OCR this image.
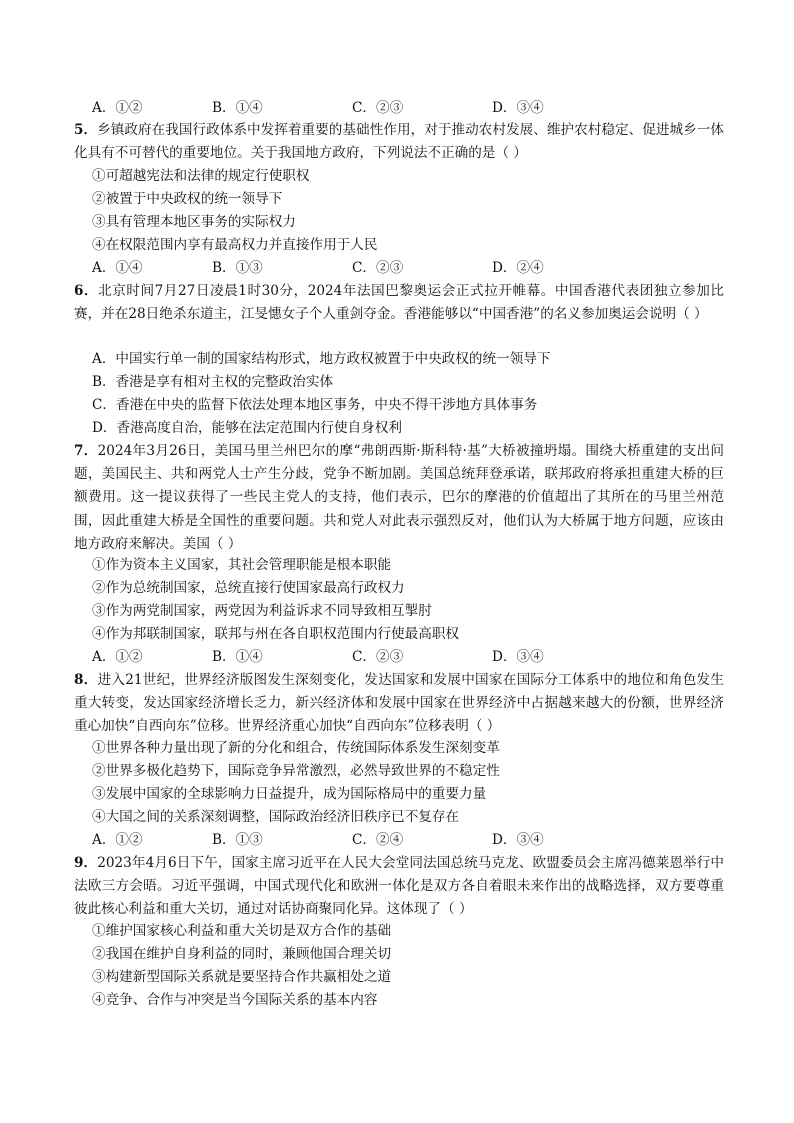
A．①②	B．①④	C．②③	D．③④
5．乡镇政府在我国行政体系中发挥着重要的基础性作用，对于推动农村发展、维护农村稳定、促进城乡一体化具有不可替代的重要地位。关于我国地方政府，下列说法不正确的是（ ）
①可超越宪法和法律的规定行使职权
②被置于中央政权的统一领导下
③具有管理本地区事务的实际权力
④在权限范围内享有最高权力并直接作用于人民
A．①④	B．①③	C．②③	D．②④
6．北京时间7月27日凌晨1时30分，2024年法国巴黎奥运会正式拉开帷幕。中国香港代表团独立参加比赛，并在28日绝杀东道主，江旻憓女子个人重剑夺金。香港能够以“中国香港”的名义参加奥运会说明（ ）
A．中国实行单一制的国家结构形式，地方政权被置于中央政权的统一领导下
B．香港是享有相对主权的完整政治实体
C．香港在中央的监督下依法处理本地区事务，中央不得干涉地方具体事务
D．香港高度自治，能够在法定范围内行使自身权利
7．2024年3月26日，美国马里兰州巴尔的摩“弗朗西斯·斯科特·基”大桥被撞坍塌。围绕大桥重建的支出问题，美国民主、共和两党人士产生分歧，党争不断加剧。美国总统拜登承诺，联邦政府将承担重建大桥的巨额费用。这一提议获得了一些民主党人的支持，他们表示，巴尔的摩港的价值超出了其所在的马里兰州范围，因此重建大桥是全国性的重要问题。共和党人对此表示强烈反对，他们认为大桥属于地方问题，应该由地方政府来解决。美国（ ）
①作为资本主义国家，其社会管理职能是根本职能
②作为总统制国家，总统直接行使国家最高行政权力
③作为两党制国家，两党因为利益诉求不同导致相互掣肘
④作为邦联制国家，联邦与州在各自职权范围内行使最高职权
A．①②	B．①④	C．②③	D．③④
8．进入21世纪，世界经济版图发生深刻变化，发达国家和发展中国家在国际分工体系中的地位和角色发生重大转变，发达国家经济增长乏力，新兴经济体和发展中国家在世界经济中占据越来越大的份额，世界经济重心加快“自西向东”位移。世界经济重心加快“自西向东”位移表明（ ）
①世界各种力量出现了新的分化和组合，传统国际体系发生深刻变革
②世界多极化趋势下，国际竞争异常激烈，必然导致世界的不稳定性
③发展中国家的全球影响力日益提升，成为国际格局中的重要力量
④大国之间的关系深刻调整，国际政治经济旧秩序已不复存在
A．①②	B．①③	C．②④	D．③④
9．2023年4月6日下午，国家主席习近平在人民大会堂同法国总统马克龙、欧盟委员会主席冯德莱恩举行中法欧三方会晤。习近平强调，中国式现代化和欧洲一体化是双方各自着眼未来作出的战略选择，双方要尊重彼此核心利益和重大关切，通过对话协商聚同化异。这体现了（ ）
①维护国家核心利益和重大关切是双方合作的基础
②我国在维护自身利益的同时，兼顾他国合理关切
③构建新型国际关系就是要坚持合作共赢相处之道
④竞争、合作与冲突是当今国际关系的基本内容
